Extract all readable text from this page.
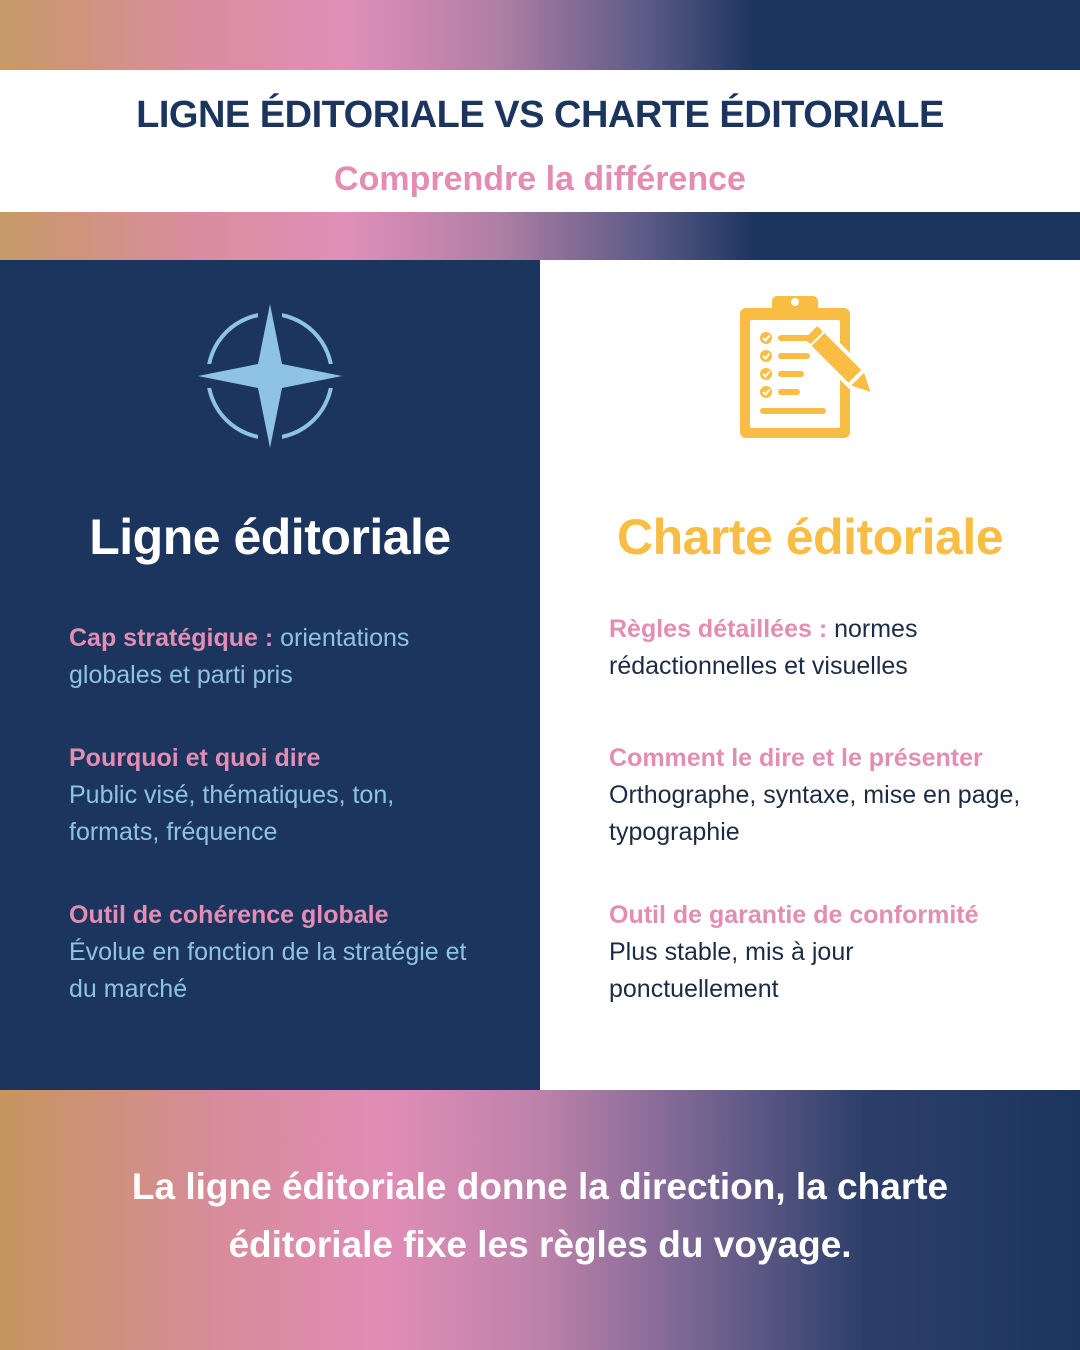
LIGNE ÉDITORIALE VS CHARTE ÉDITORIALE
Comprendre la différence
Ligne éditoriale
Cap stratégique : orientations globales et parti pris
Pourquoi et quoi dire
Public visé, thématiques, ton, formats, fréquence
Outil de cohérence globale
Évolue en fonction de la stratégie et du marché
Charte éditoriale
Règles détaillées : normes rédactionnelles et visuelles
Comment le dire et le présenter
Orthographe, syntaxe, mise en page, typographie
Outil de garantie de conformité
Plus stable, mis à jour ponctuellement
La ligne éditoriale donne la direction, la charte éditoriale fixe les règles du voyage.
